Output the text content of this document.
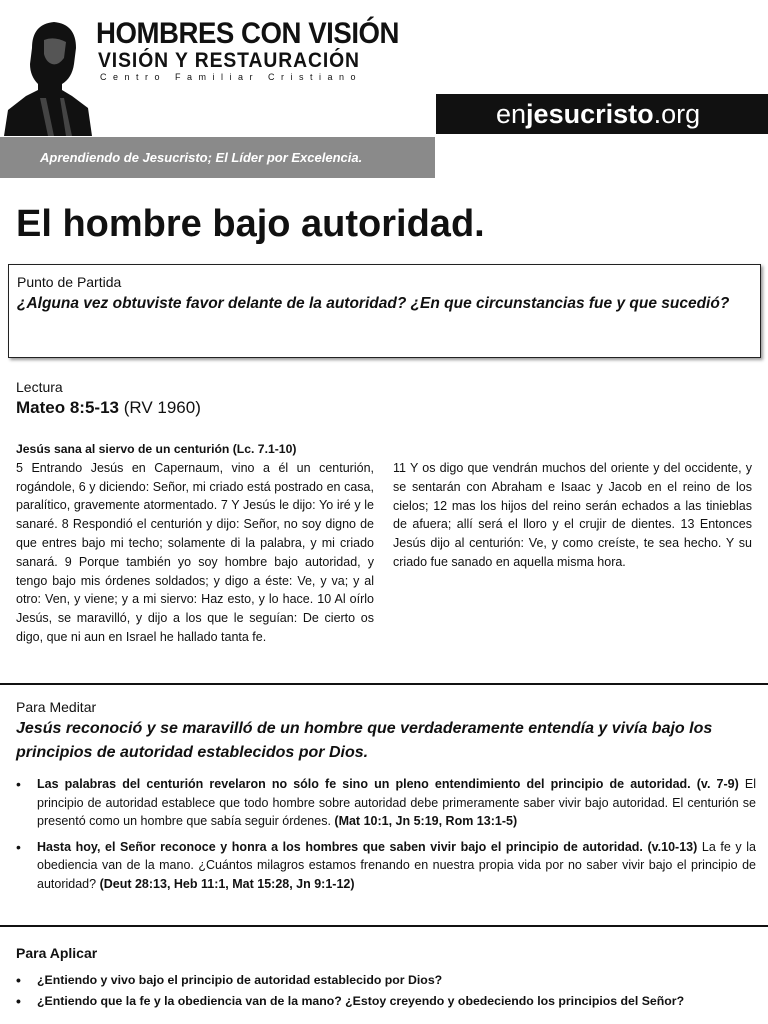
HOMBRES CON VISIÓN
VISIÓN Y RESTAURACIÓN
Centro Familiar Cristiano
enjesucristo.org
Aprendiendo de Jesucristo; El Líder por Excelencia.
El hombre bajo autoridad.
Punto de Partida
¿Alguna vez obtuviste favor delante de la autoridad? ¿En que circunstancias fue y que sucedió?
Lectura
Mateo 8:5-13 (RV 1960)
Jesús sana al siervo de un centurión (Lc. 7.1-10)
5 Entrando Jesús en Capernaum, vino a él un centurión, rogándole, 6 y diciendo: Señor, mi criado está postrado en casa, paralítico, gravemente atormentado. 7 Y Jesús le dijo: Yo iré y le sanaré. 8 Respondió el centurión y dijo: Señor, no soy digno de que entres bajo mi techo; solamente di la palabra, y mi criado sanará. 9 Porque también yo soy hombre bajo autoridad, y tengo bajo mis órdenes soldados; y digo a éste: Ve, y va; y al otro: Ven, y viene; y a mi siervo: Haz esto, y lo hace. 10 Al oírlo Jesús, se maravilló, y dijo a los que le seguían: De cierto os digo, que ni aun en Israel he hallado tanta fe.
11 Y os digo que vendrán muchos del oriente y del occidente, y se sentarán con Abraham e Isaac y Jacob en el reino de los cielos; 12 mas los hijos del reino serán echados a las tinieblas de afuera; allí será el lloro y el crujir de dientes. 13 Entonces Jesús dijo al centurión: Ve, y como creíste, te sea hecho. Y su criado fue sanado en aquella misma hora.
Para Meditar
Jesús reconoció y se maravilló de un hombre que verdaderamente entendía y vivía bajo los principios de autoridad establecidos por Dios.
• Las palabras del centurión revelaron no sólo fe sino un pleno entendimiento del principio de autoridad. (v. 7-9) El principio de autoridad establece que todo hombre sobre autoridad debe primeramente saber vivir bajo autoridad. El centurión se presentó como un hombre que sabía seguir órdenes. (Mat 10:1, Jn 5:19, Rom 13:1-5)
• Hasta hoy, el Señor reconoce y honra a los hombres que saben vivir bajo el principio de autoridad. (v.10-13) La fe y la obediencia van de la mano. ¿Cuántos milagros estamos frenando en nuestra propia vida por no saber vivir bajo el principio de autoridad? (Deut 28:13, Heb 11:1, Mat 15:28, Jn 9:1-12)
Para Aplicar
• ¿Entiendo y vivo bajo el principio de autoridad establecido por Dios?
• ¿Entiendo que la fe y la obediencia van de la mano? ¿Estoy creyendo y obedeciendo los principios del Señor?
